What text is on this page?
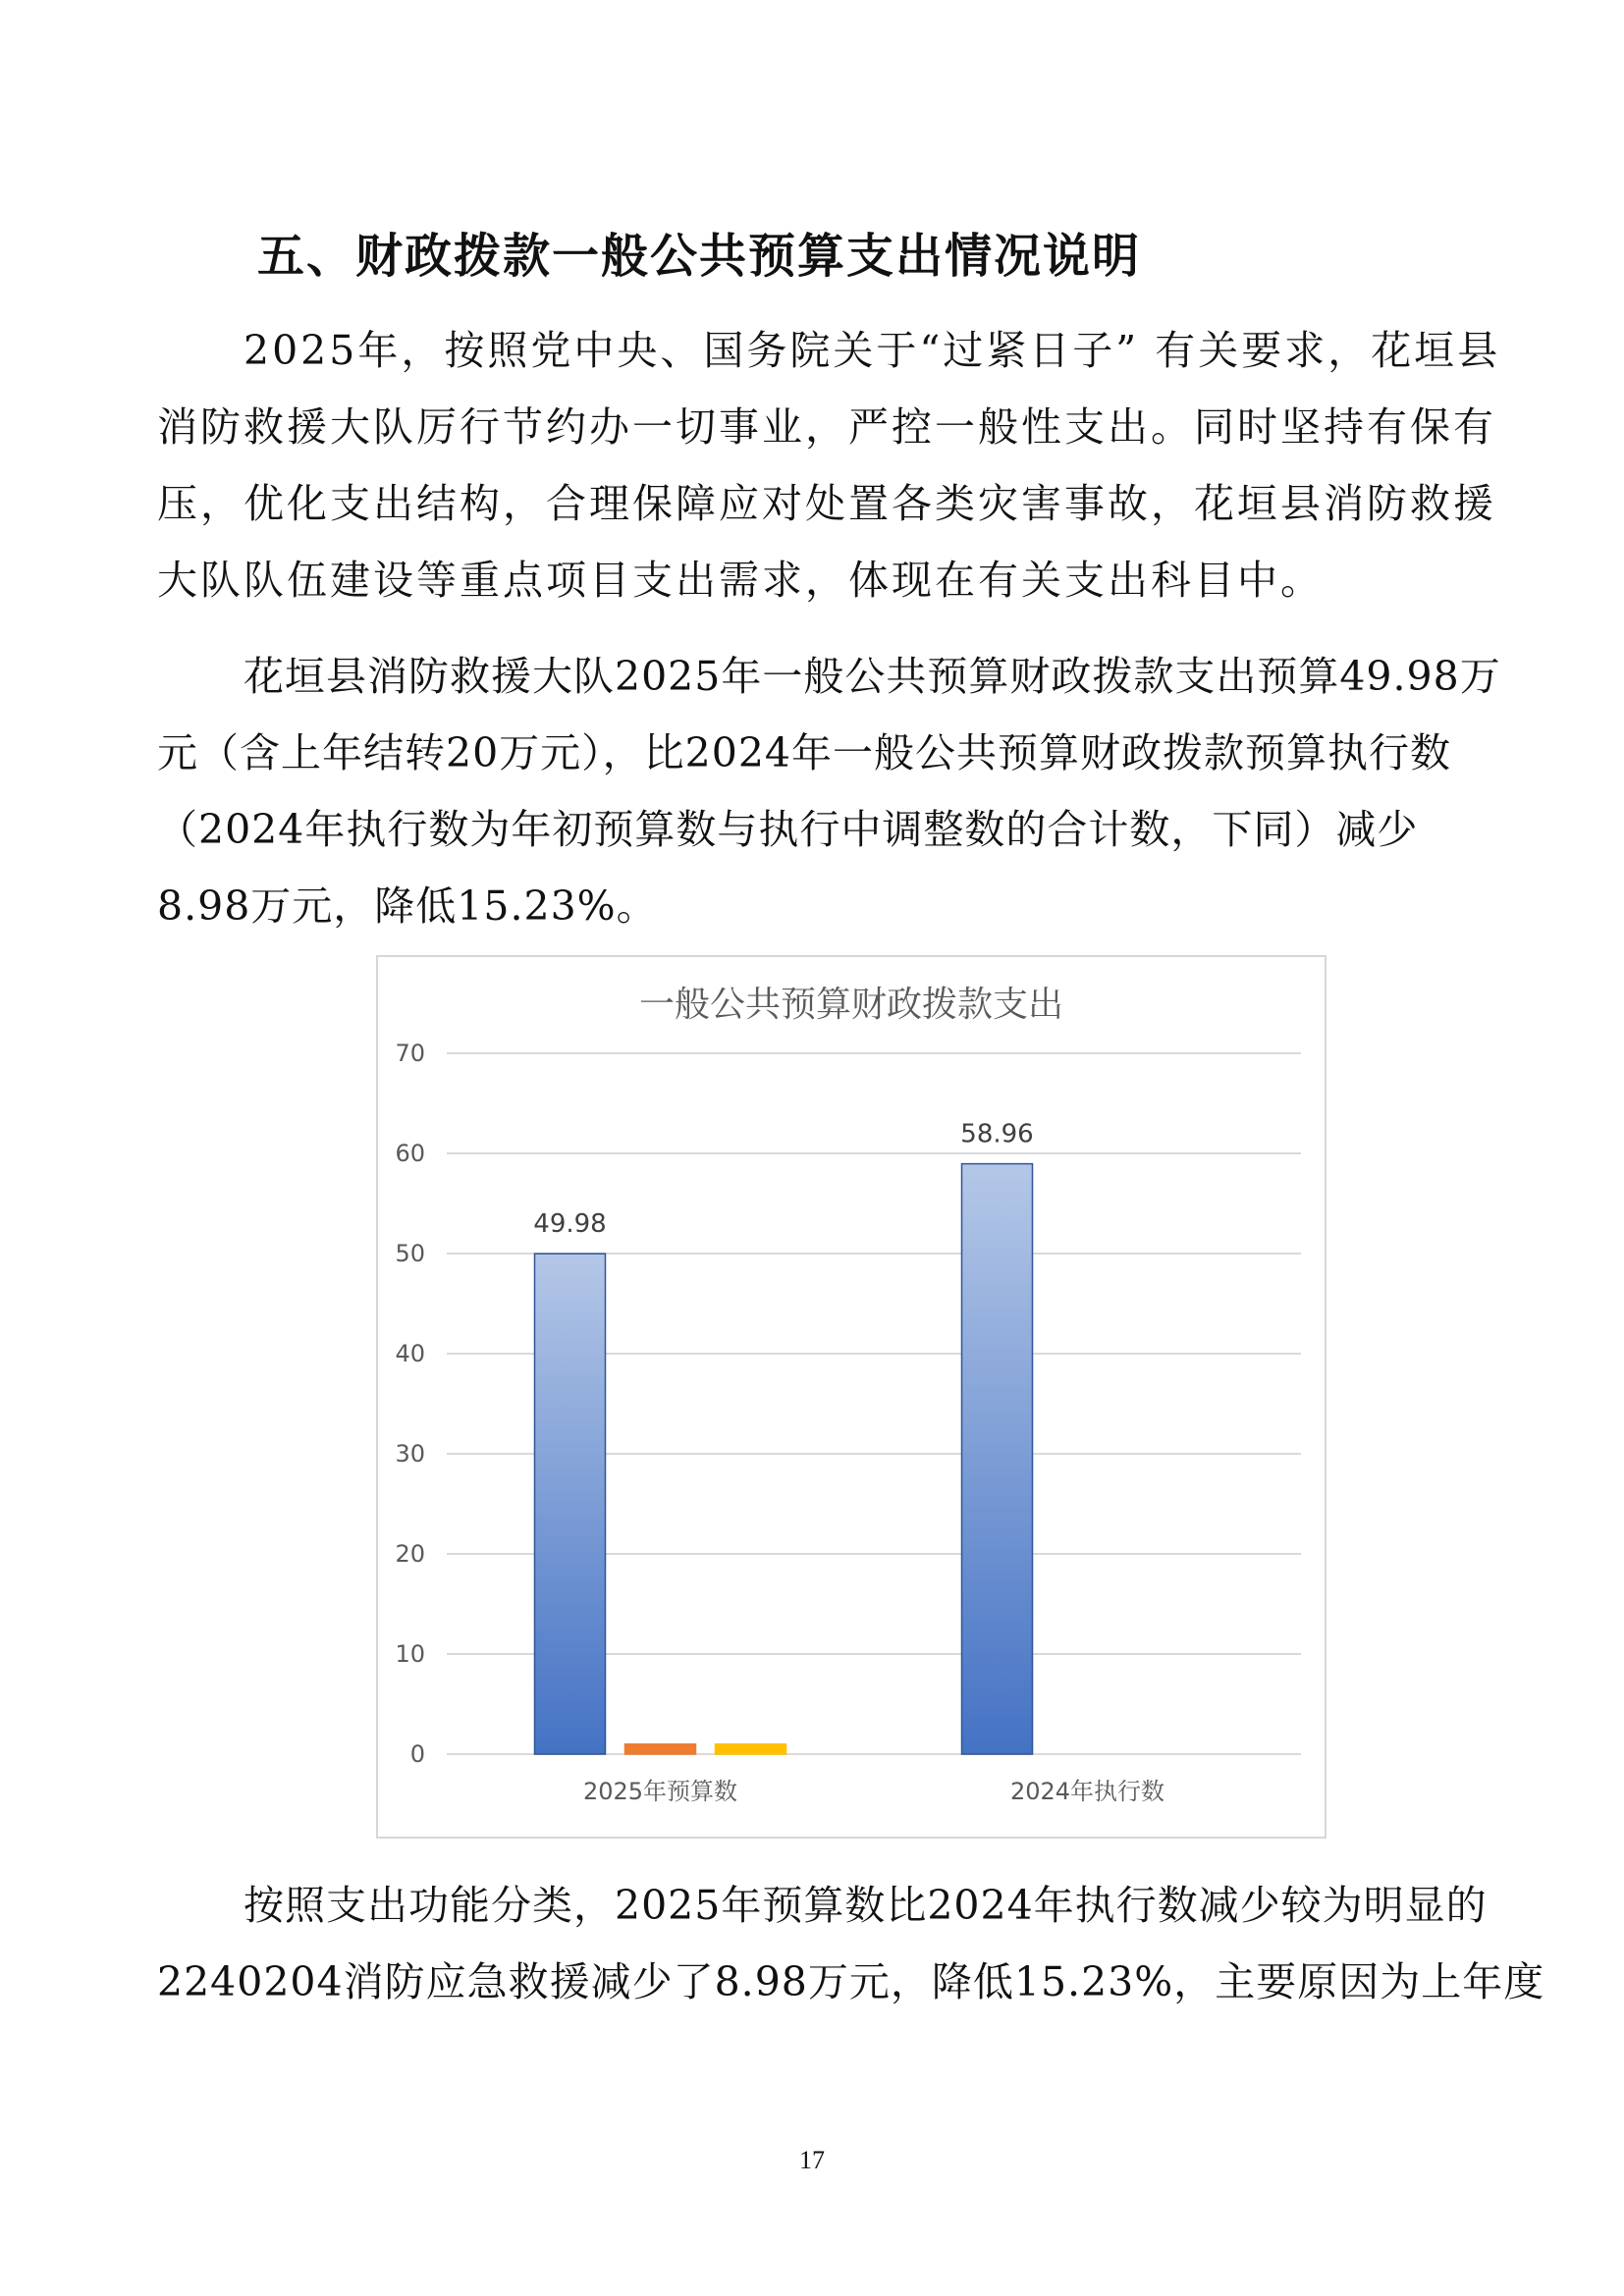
五、财政拨款一般公共预算支出情况说明
2025年，按照党中央、国务院关于“过紧日子” 有关要求，花垣县
消防救援大队厉行节约办一切事业，严控一般性支出。同时坚持有保有
压，优化支出结构，合理保障应对处置各类灾害事故，花垣县消防救援
大队队伍建设等重点项目支出需求，体现在有关支出科目中。
花垣县消防救援大队2025年一般公共预算财政拨款支出预算49.98万
元（含上年结转20万元），比2024年一般公共预算财政拨款预算执行数
（2024年执行数为年初预算数与执行中调整数的合计数，下同）减少
8.98万元，降低15.23%。
一般公共预算财政拨款支出
0
10
20
30
40
50
60
70
49.98
58.96
2025年预算数	2024年执行数
17
按照支出功能分类，2025年预算数比2024年执行数减少较为明显的
2240204消防应急救援减少了8.98万元，降低15.23%，主要原因为上年度
